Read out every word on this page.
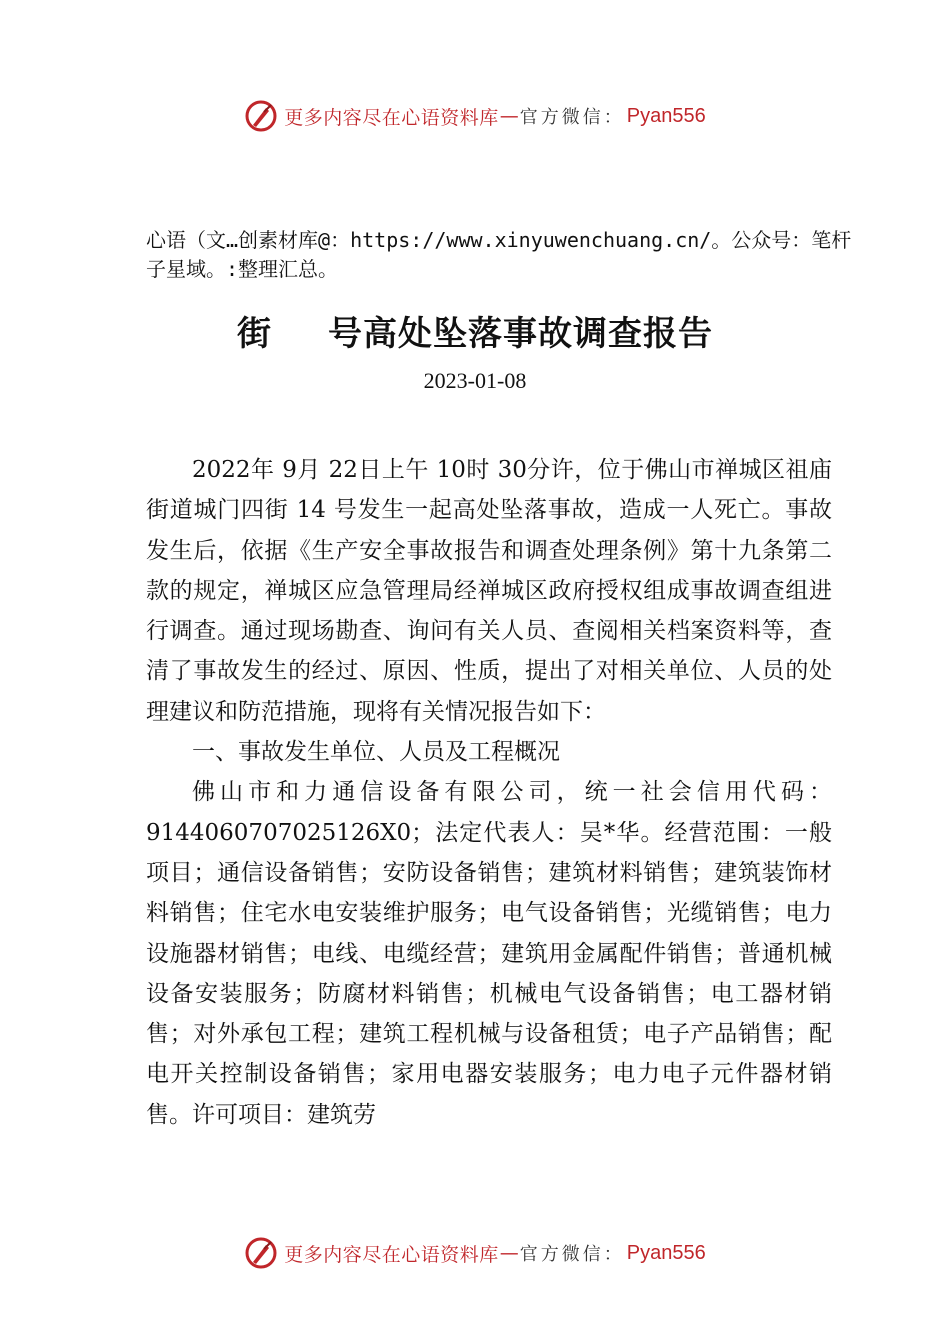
更多内容尽在心语资料库 — 官方微信： Pyan556
心语（文…创素材库@：https://www.xinyuwenchuang.cn/。公众号：笔杆子星域。:整理汇总。
街 号高处坠落事故调查报告
2023-01-08

2022年 9月 22日上午 10时 30分许，位于佛山市禅城区祖庙街道城门四街 14 号发生一起高处坠落事故，造成一人死亡。事故发生后，依据《生产安全事故报告和调查处理条例》第十九条第二款的规定，禅城区应急管理局经禅城区政府授权组成事故调查组进行调查。通过现场勘查、询问有关人员、查阅相关档案资料等，查清了事故发生的经过、原因、性质，提出了对相关单位、人员的处理建议和防范措施，现将有关情况报告如下：

一、事故发生单位、人员及工程概况

佛山市和力通信设备有限公司，统一社会信用代码：9144060707025126X0；法定代表人：吴*华。经营范围：一般项目；通信设备销售；安防设备销售；建筑材料销售；建筑装饰材料销售；住宅水电安装维护服务；电气设备销售；光缆销售；电力设施器材销售；电线、电缆经营；建筑用金属配件销售；普通机械设备安装服务；防腐材料销售；机械电气设备销售；电工器材销售；对外承包工程；建筑工程机械与设备租赁；电子产品销售；配电开关控制设备销售；家用电器安装服务；电力电子元件器材销售。许可项目：建筑劳

更多内容尽在心语资料库 — 官方微信： Pyan556
